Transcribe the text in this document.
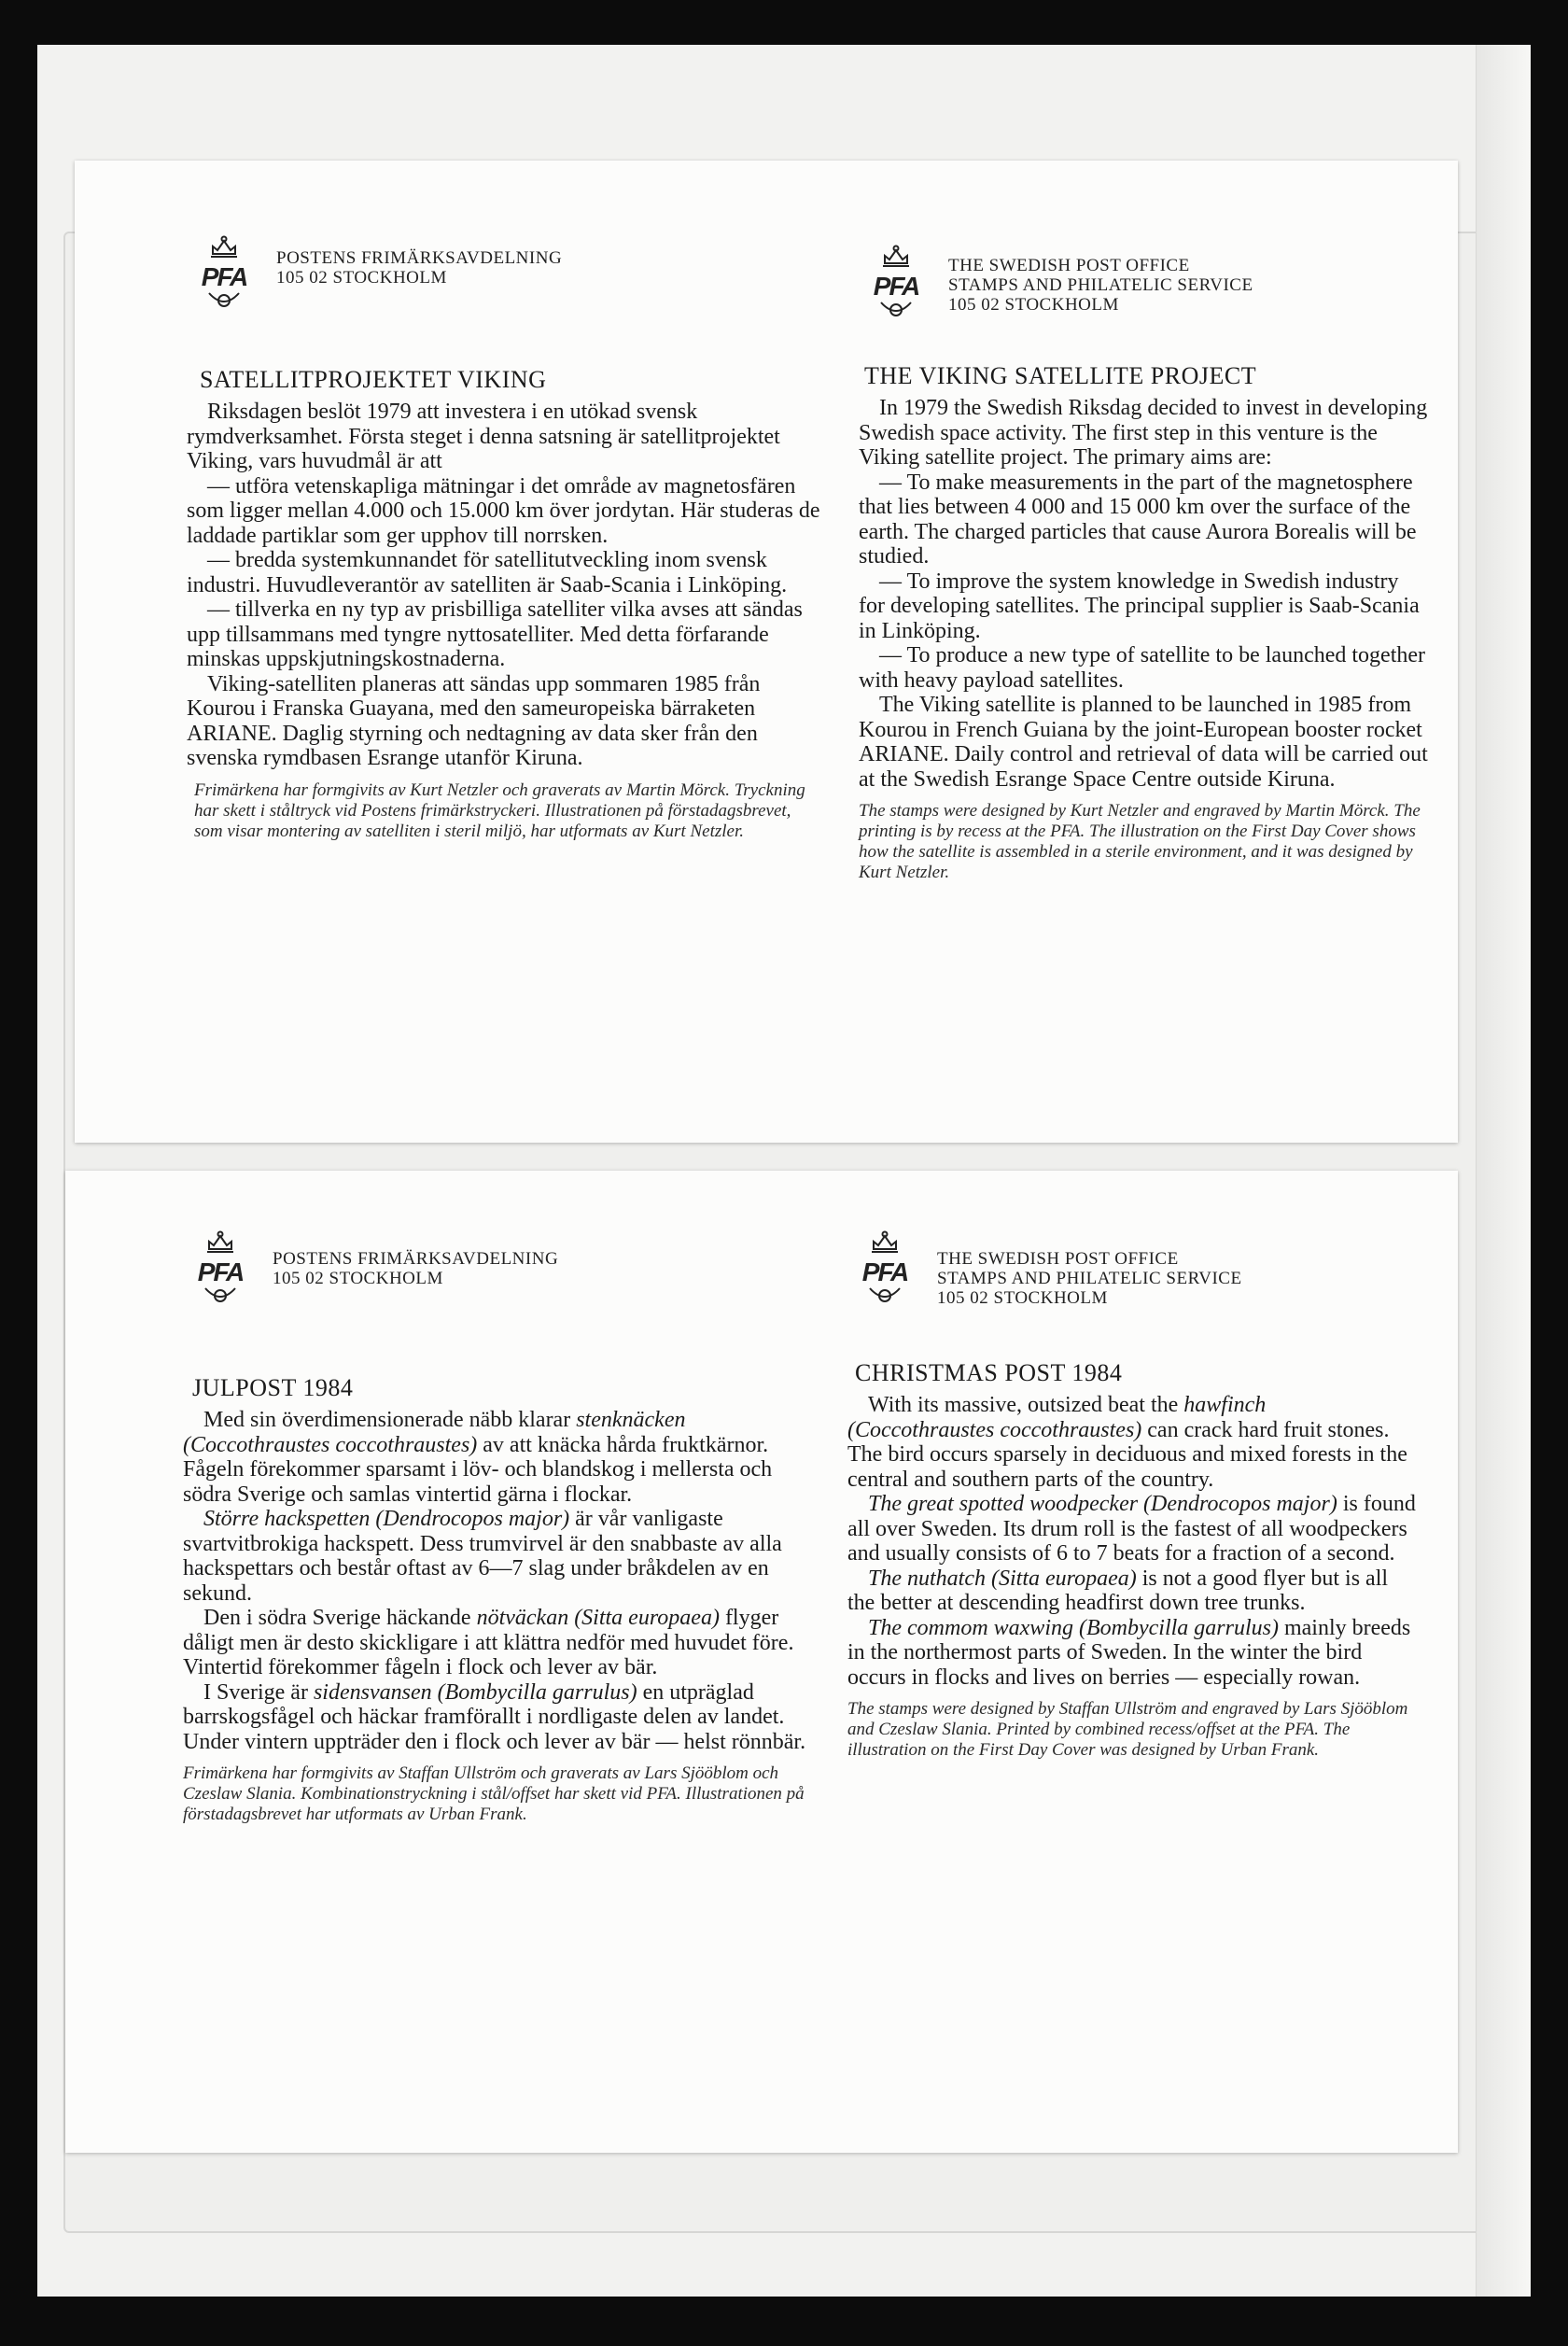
PFA
POSTENS FRIMÄRKSAVDELNING
105 02 STOCKHOLM
SATELLITPROJEKTET VIKING

Riksdagen beslöt 1979 att investera i en utökad svensk rymdverksamhet. Första steget i denna satsning är satellitprojektet Viking, vars huvudmål är att

— utföra vetenskapliga mätningar i det område av magnetosfären som ligger mellan 4.000 och 15.000 km över jordytan. Här studeras de laddade partiklar som ger upphov till norrsken.

— bredda systemkunnandet för satellitutveckling inom svensk industri. Huvudleverantör av satelliten är Saab-Scania i Linköping.

— tillverka en ny typ av prisbilliga satelliter vilka avses att sändas upp tillsammans med tyngre nyttosatelliter. Med detta förfarande minskas uppskjutningskostnaderna.

Viking-satelliten planeras att sändas upp sommaren 1985 från Kourou i Franska Guayana, med den sameuropeiska bärraketen ARIANE. Daglig styrning och nedtagning av data sker från den svenska rymdbasen Esrange utanför Kiruna.

Frimärkena har formgivits av Kurt Netzler och graverats av Martin Mörck. Tryckning har skett i ståltryck vid Postens frimärkstryckeri. Illustrationen på förstadagsbrevet, som visar montering av satelliten i steril miljö, har utformats av Kurt Netzler.
PFA
THE SWEDISH POST OFFICE
STAMPS AND PHILATELIC SERVICE
105 02 STOCKHOLM
THE VIKING SATELLITE PROJECT

In 1979 the Swedish Riksdag decided to invest in developing Swedish space activity. The first step in this venture is the Viking satellite project. The primary aims are:

— To make measurements in the part of the magnetosphere that lies between 4 000 and 15 000 km over the surface of the earth. The charged particles that cause Aurora Borealis will be studied.

— To improve the system knowledge in Swedish industry for developing satellites. The principal supplier is Saab-Scania in Linköping.

— To produce a new type of satellite to be launched together with heavy payload satellites.

The Viking satellite is planned to be launched in 1985 from Kourou in French Guiana by the joint-European booster rocket ARIANE. Daily control and retrieval of data will be carried out at the Swedish Esrange Space Centre outside Kiruna.

The stamps were designed by Kurt Netzler and engraved by Martin Mörck. The printing is by recess at the PFA. The illustration on the First Day Cover shows how the satellite is assembled in a sterile environment, and it was designed by Kurt Netzler.
PFA POSTENS FRIMÄRKSAVDELNING
105 02 STOCKHOLM
JULPOST 1984

Med sin överdimensionerade näbb klarar stenknäcken (Coccothraustes coccothraustes) av att knäcka hårda fruktkärnor. Fågeln förekommer sparsamt i löv- och blandskog i mellersta och södra Sverige och samlas vintertid gärna i flockar.

Större hackspetten (Dendrocopos major) är vår vanligaste svartvitbrokiga hackspett. Dess trumvirvel är den snabbaste av alla hackspettars och består oftast av 6—7 slag under bråkdelen av en sekund.

Den i södra Sverige häckande nötväckan (Sitta europaea) flyger dåligt men är desto skickligare i att klättra nedför med huvudet före. Vintertid förekommer fågeln i flock och lever av bär.

I Sverige är sidensvansen (Bombycilla garrulus) en utpräglad barrskogsfågel och häckar framförallt i nordligaste delen av landet. Under vintern uppträder den i flock och lever av bär — helst rönnbär.

Frimärkena har formgivits av Staffan Ullström och graverats av Lars Sjööblom och Czeslaw Slania. Kombinationstryckning i stål/offset har skett vid PFA. Illustrationen på förstadagsbrevet har utformats av Urban Frank.
PFA THE SWEDISH POST OFFICE
STAMPS AND PHILATELIC SERVICE
105 02 STOCKHOLM
CHRISTMAS POST 1984

With its massive, outsized beat the hawfinch (Coccothraustes coccothraustes) can crack hard fruit stones. The bird occurs sparsely in deciduous and mixed forests in the central and southern parts of the country.

The great spotted woodpecker (Dendrocopos major) is found all over Sweden. Its drum roll is the fastest of all woodpeckers and usually consists of 6 to 7 beats for a fraction of a second.

The nuthatch (Sitta europaea) is not a good flyer but is all the better at descending headfirst down tree trunks.

The commom waxwing (Bombycilla garrulus) mainly breeds in the northermost parts of Sweden. In the winter the bird occurs in flocks and lives on berries — especially rowan.

The stamps were designed by Staffan Ullström and engraved by Lars Sjööblom and Czeslaw Slania. Printed by combined recess/offset at the PFA. The illustration on the First Day Cover was designed by Urban Frank.
